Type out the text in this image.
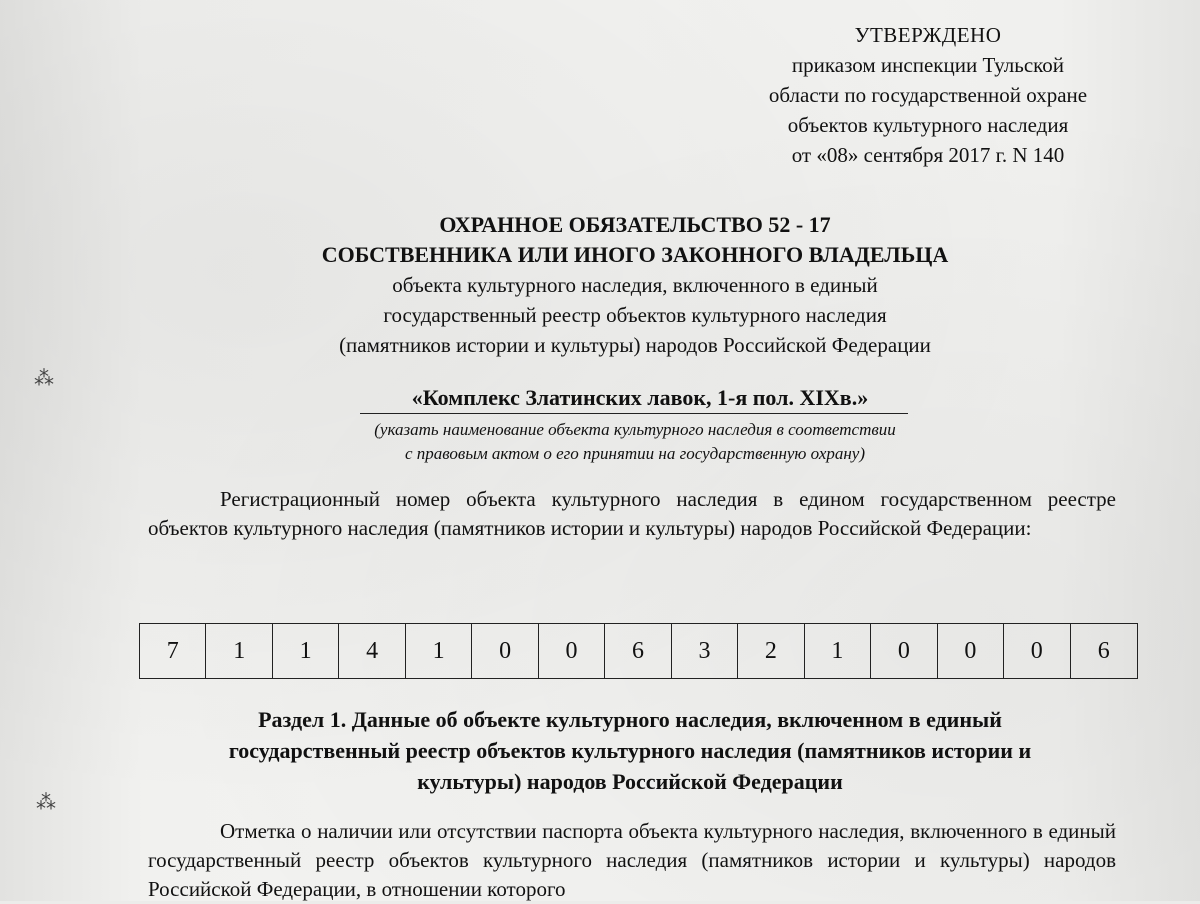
⁂
⁂
УТВЕРЖДЕНО
приказом инспекции Тульской
области по государственной охране
объектов культурного наследия
от «08» сентября 2017 г. N 140
ОХРАННОЕ ОБЯЗАТЕЛЬСТВО 52 - 17
СОБСТВЕННИКА ИЛИ ИНОГО ЗАКОННОГО ВЛАДЕЛЬЦА
объекта культурного наследия, включенного в единый
государственный реестр объектов культурного наследия
(памятников истории и культуры) народов Российской Федерации
«Комплекс Златинских лавок, 1-я пол. XIXв.»
(указать наименование объекта культурного наследия в соответствии
с правовым актом о его принятии на государственную охрану)
Регистрационный номер объекта культурного наследия в едином государственном реестре объектов культурного наследия (памятников истории и культуры) народов Российской Федерации:
7	1	1	4	1	0	0	6	3	2	1	0	0	0	6
Раздел 1. Данные об объекте культурного наследия, включенном в единый
государственный реестр объектов культурного наследия (памятников истории и
культуры) народов Российской Федерации
Отметка о наличии или отсутствии паспорта объекта культурного наследия, включенного в единый государственный реестр объектов культурного наследия (памятников истории и культуры) народов Российской Федерации, в отношении которого
